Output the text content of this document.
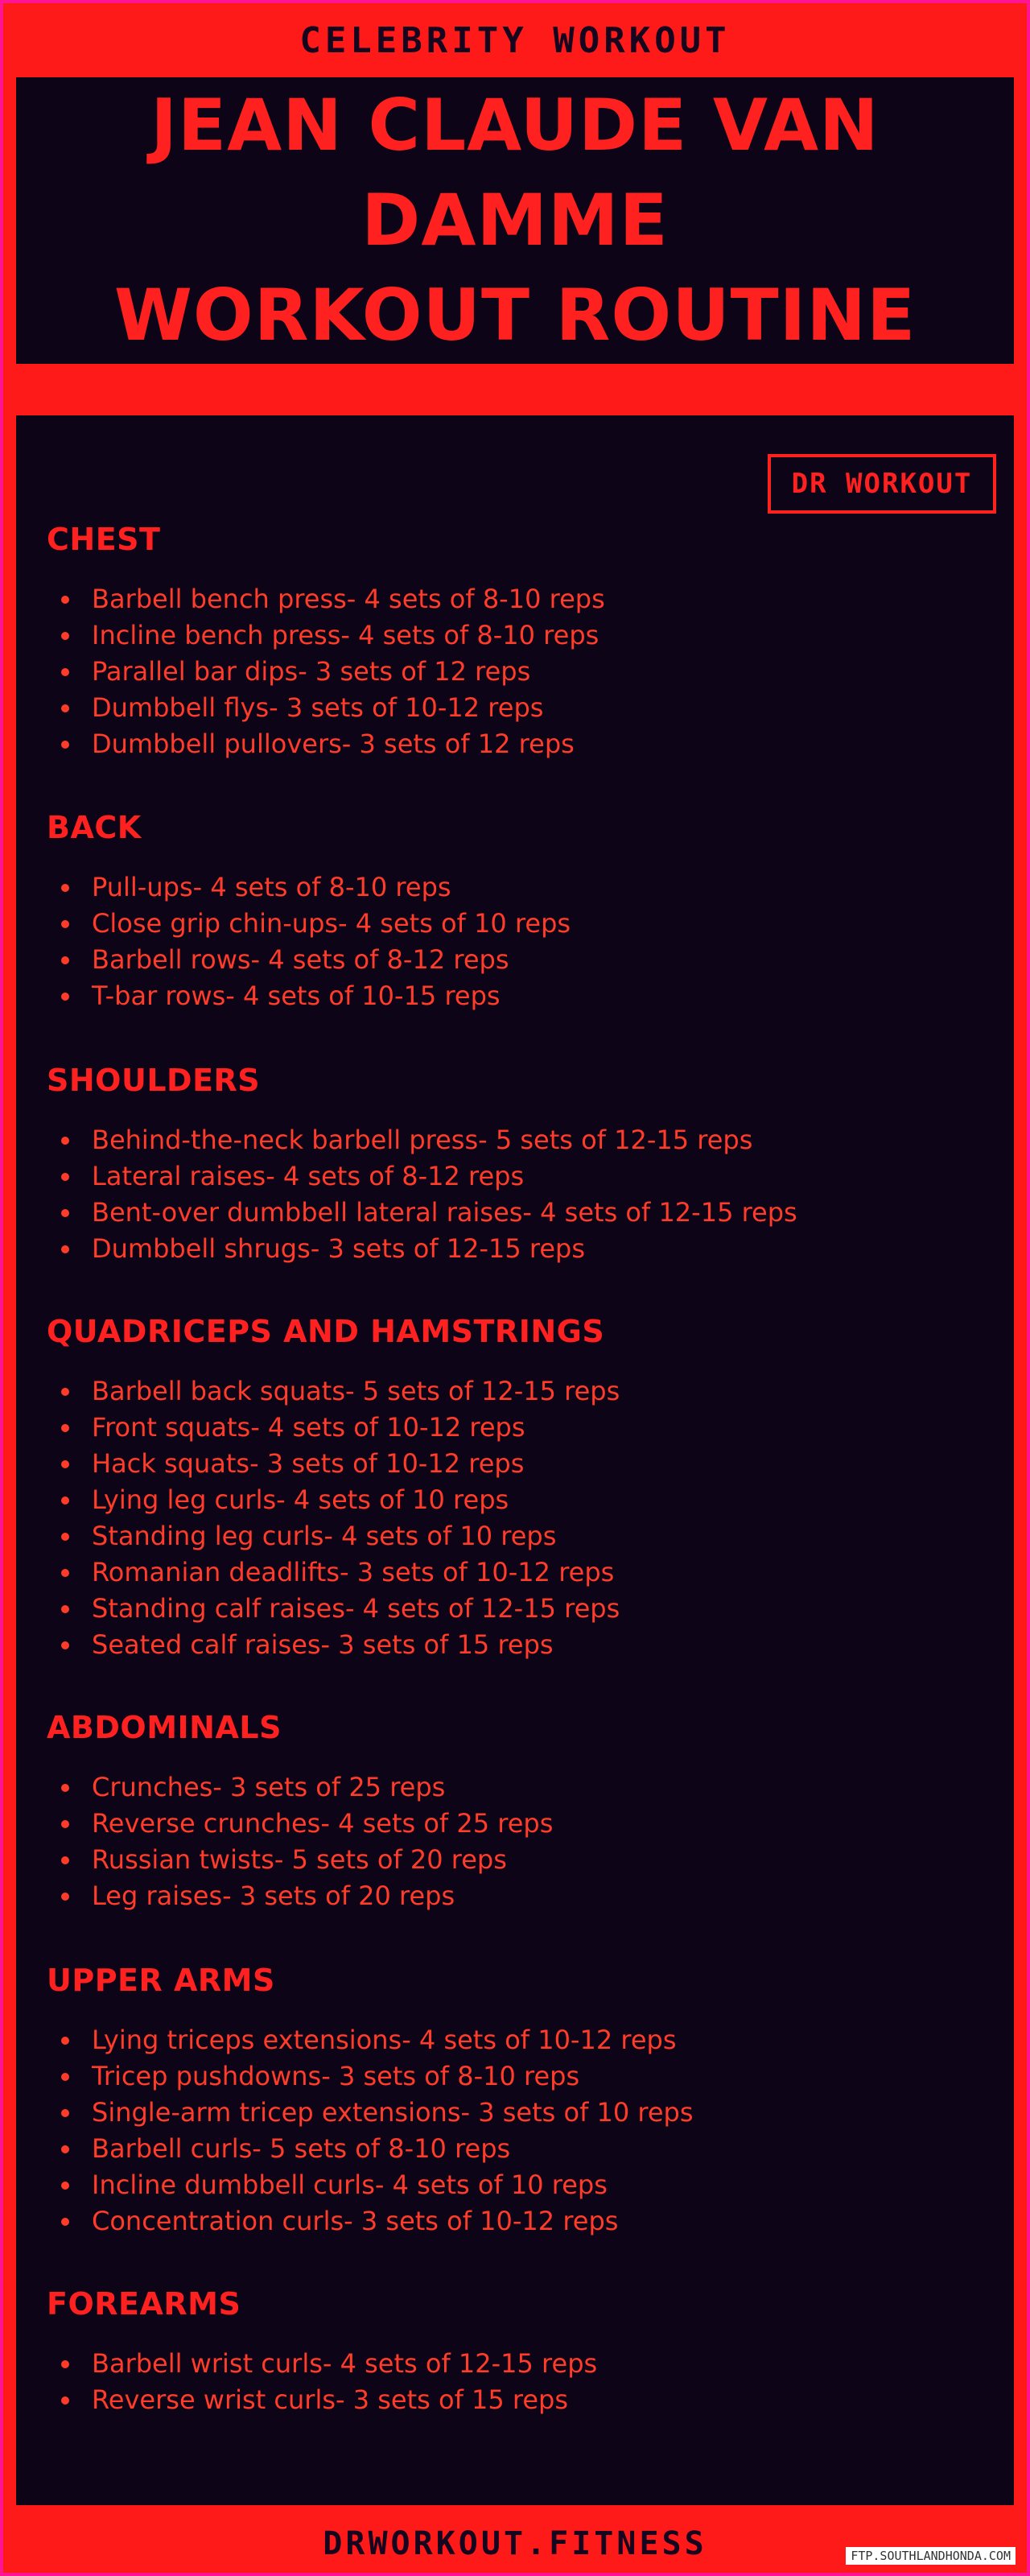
CELEBRITY WORKOUT
JEAN CLAUDE VAN DAMME
WORKOUT ROUTINE
DR WORKOUT
CHEST
Barbell bench press- 4 sets of 8-10 reps
Incline bench press- 4 sets of 8-10 reps
Parallel bar dips- 3 sets of 12 reps
Dumbbell flys- 3 sets of 10-12 reps
Dumbbell pullovers- 3 sets of 12 reps
BACK
Pull-ups- 4 sets of 8-10 reps
Close grip chin-ups- 4 sets of 10 reps
Barbell rows- 4 sets of 8-12 reps
T-bar rows- 4 sets of 10-15 reps
SHOULDERS
Behind-the-neck barbell press- 5 sets of 12-15 reps
Lateral raises- 4 sets of 8-12 reps
Bent-over dumbbell lateral raises- 4 sets of 12-15 reps
Dumbbell shrugs- 3 sets of 12-15 reps
QUADRICEPS AND HAMSTRINGS
Barbell back squats- 5 sets of 12-15 reps
Front squats- 4 sets of 10-12 reps
Hack squats- 3 sets of 10-12 reps
Lying leg curls- 4 sets of 10 reps
Standing leg curls- 4 sets of 10 reps
Romanian deadlifts- 3 sets of 10-12 reps
Standing calf raises- 4 sets of 12-15 reps
Seated calf raises- 3 sets of 15 reps
ABDOMINALS
Crunches- 3 sets of 25 reps
Reverse crunches- 4 sets of 25 reps
Russian twists- 5 sets of 20 reps
Leg raises- 3 sets of 20 reps
UPPER ARMS
Lying triceps extensions- 4 sets of 10-12 reps
Tricep pushdowns- 3 sets of 8-10 reps
Single-arm tricep extensions- 3 sets of 10 reps
Barbell curls- 5 sets of 8-10 reps
Incline dumbbell curls- 4 sets of 10 reps
Concentration curls- 3 sets of 10-12 reps
FOREARMS
Barbell wrist curls- 4 sets of 12-15 reps
Reverse wrist curls- 3 sets of 15 reps
DRWORKOUT.FITNESS	FTP.SOUTHLANDHONDA.COM
